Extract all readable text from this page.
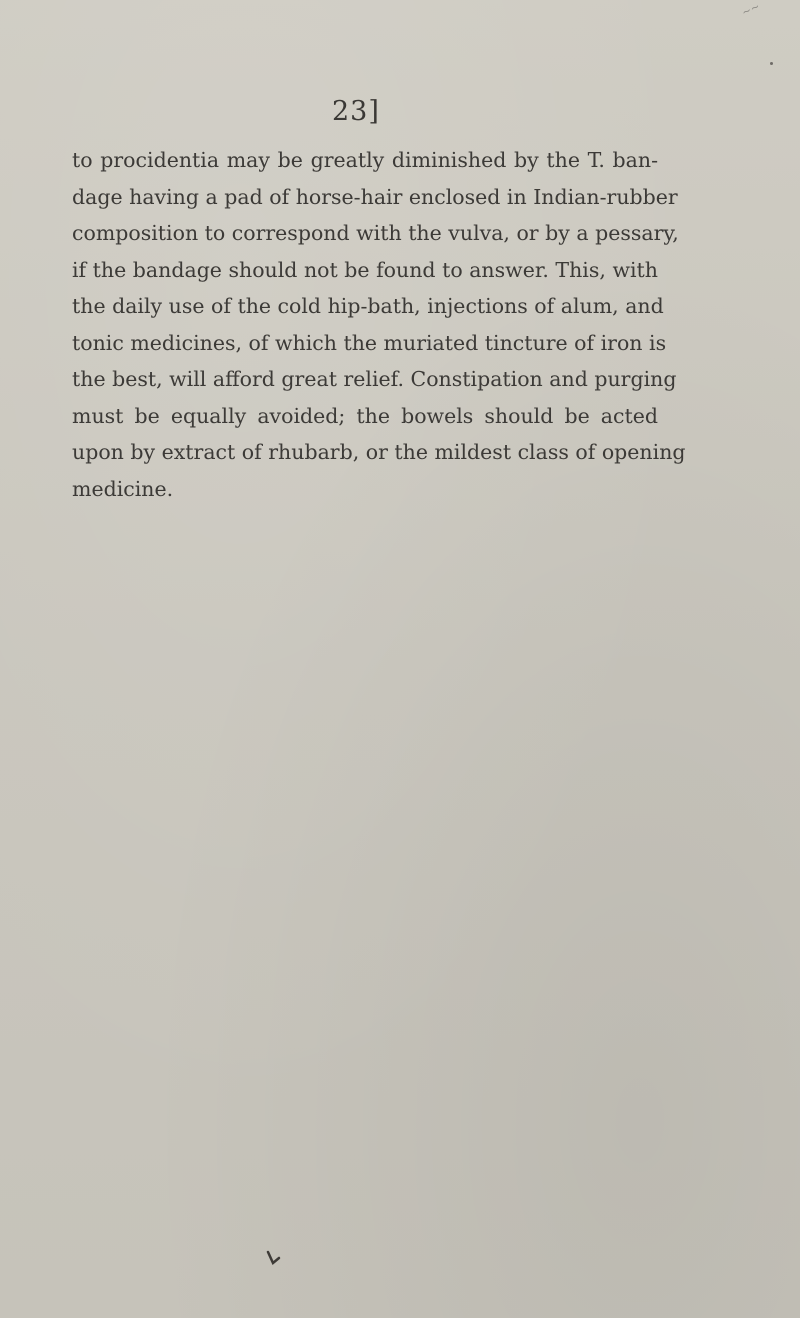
~~
23]
to procidentia may be greatly diminished by the T. ban-
dage having a pad of horse-hair enclosed in Indian-rubber
composition to correspond with the vulva, or by a pessary,
if the bandage should not be found to answer. This, with
the daily use of the cold hip-bath, injections of alum, and
tonic medicines, of which the muriated tincture of iron is
the best, will afford great relief. Constipation and purging
must be equally avoided; the bowels should be acted
upon by extract of rhubarb, or the mildest class of opening
medicine.
